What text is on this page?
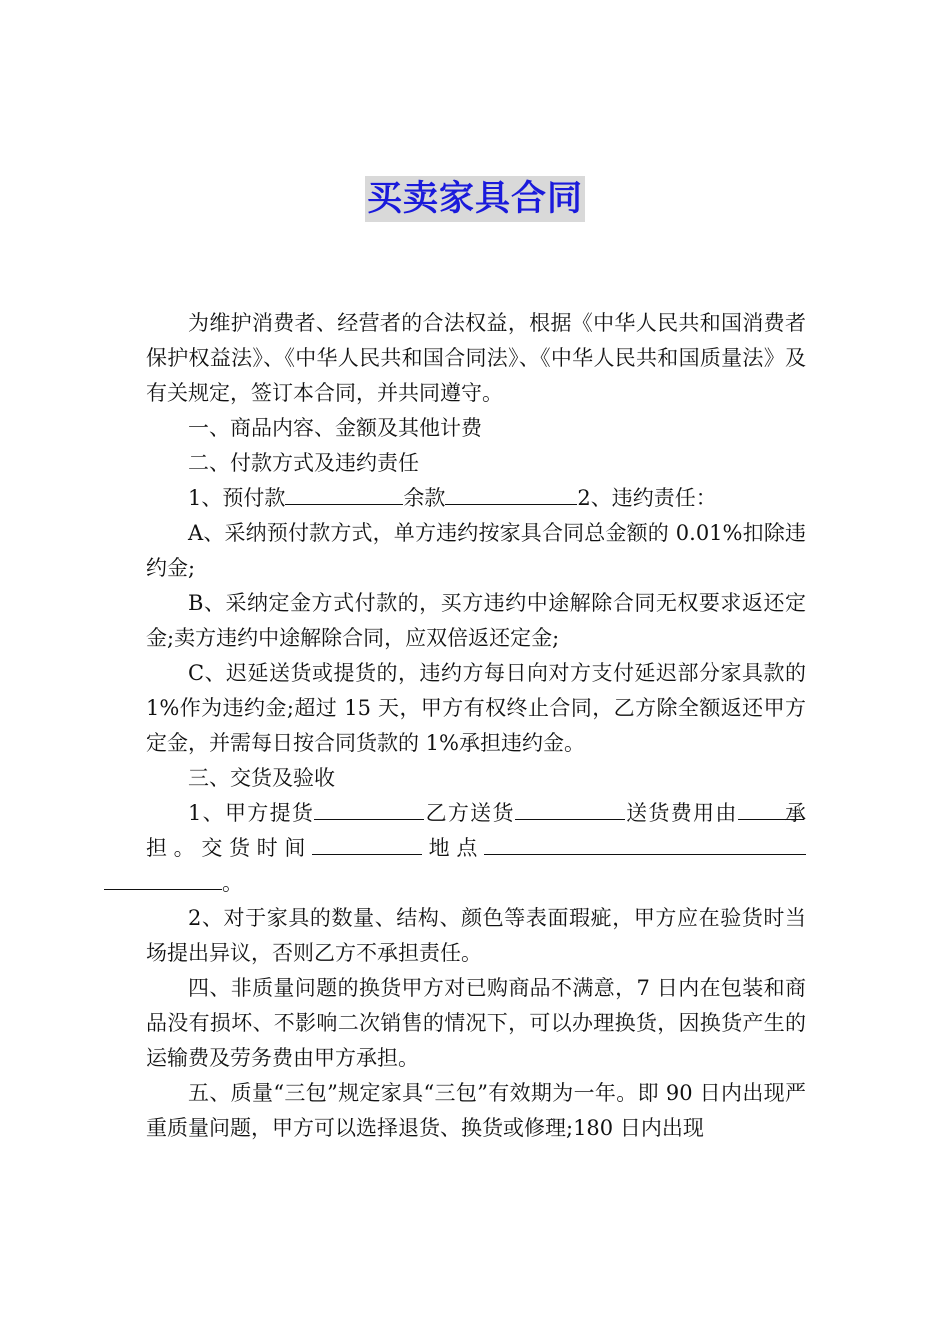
买卖家具合同

为维护消费者、经营者的合法权益，根据《中华人民共和国消费者保护权益法》、《中华人民共和国合同法》、《中华人民共和国质量法》及有关规定，签订本合同，并共同遵守。

一、商品内容、金额及其他计费

二、付款方式及违约责任

1、预付款	余款	2、违约责任：

A、采纳预付款方式，单方违约按家具合同总金额的 0.01%扣除违约金;

B、采纳定金方式付款的，买方违约中途解除合同无权要求返还定金;卖方违约中途解除合同，应双倍返还定金;

C、迟延送货或提货的，违约方每日向对方支付延迟部分家具款的 1%作为违约金;超过 15 天，甲方有权终止合同，乙方除全额返还甲方定金，并需每日按合同货款的 1%承担违约金。

三、交货及验收

1、甲方提货	乙方送货	送货费用由 承担。交货时间	地点。

2、对于家具的数量、结构、颜色等表面瑕疵，甲方应在验货时当场提出异议，否则乙方不承担责任。

四、非质量问题的换货甲方对已购商品不满意，7 日内在包装和商品没有损坏、不影响二次销售的情况下，可以办理换货，因换货产生的运输费及劳务费由甲方承担。

五、质量“三包”规定家具“三包”有效期为一年。即 90 日内出现严重质量问题，甲方可以选择退货、换货或修理;180 日内出现
